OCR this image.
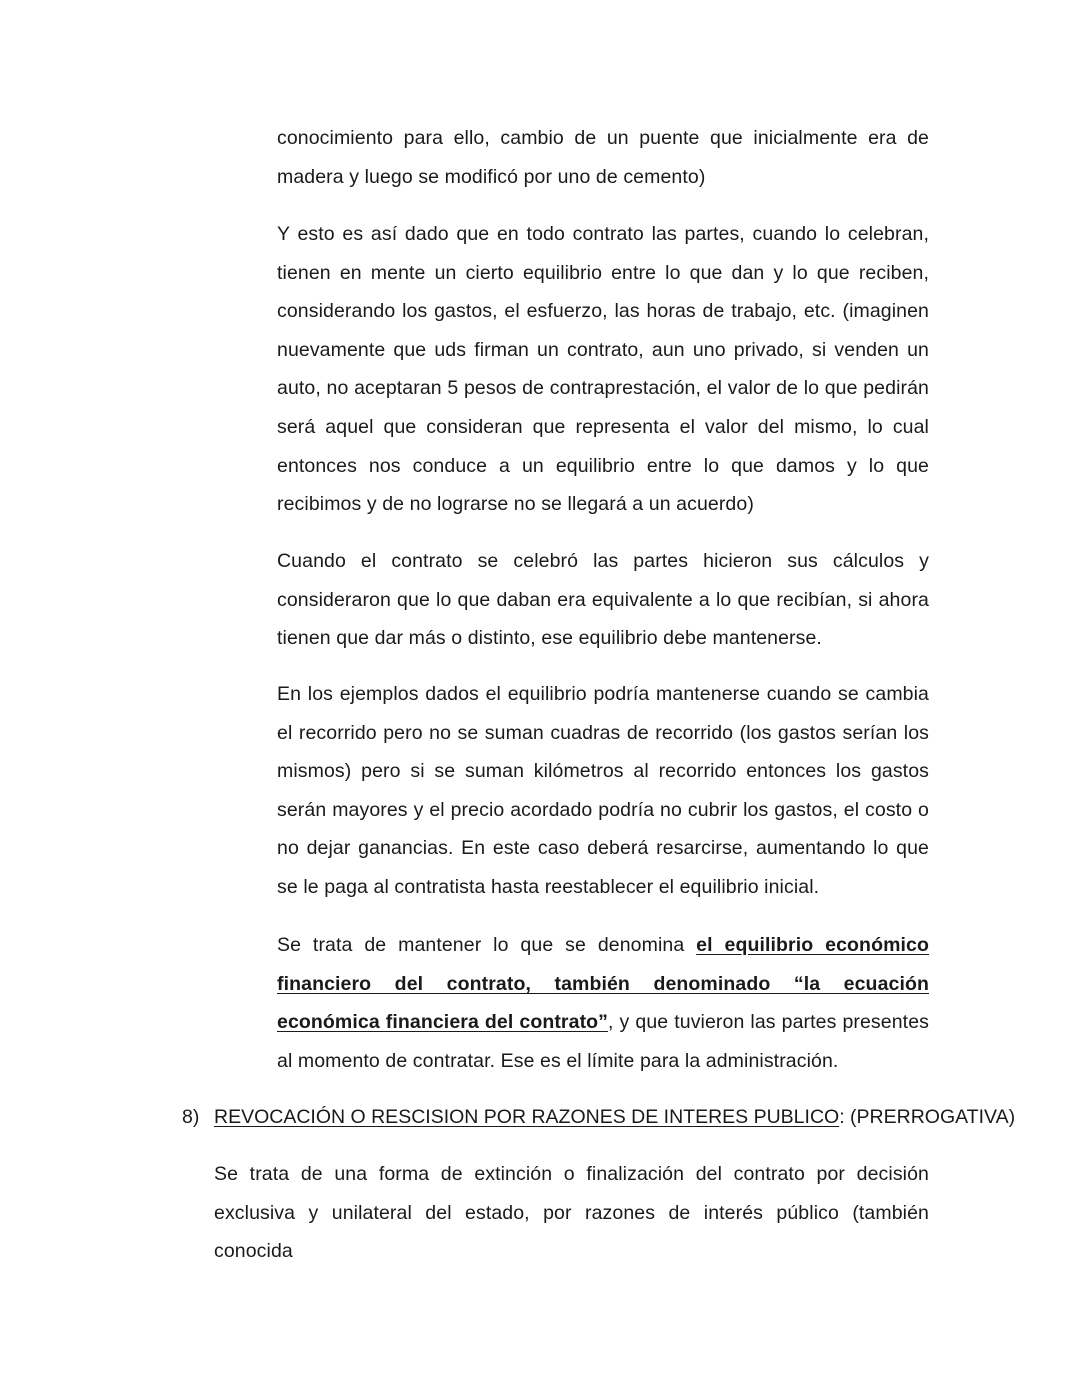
conocimiento para ello, cambio de un puente que inicialmente era de madera y luego se modificó por uno de cemento)

Y esto es así dado que en todo contrato las partes, cuando lo celebran, tienen en mente un cierto equilibrio entre lo que dan y lo que reciben, considerando los gastos, el esfuerzo, las horas de trabajo, etc. (imaginen nuevamente que uds firman un contrato, aun uno privado, si venden un auto, no aceptaran 5 pesos de contraprestación, el valor de lo que pedirán será aquel que consideran que representa el valor del mismo, lo cual entonces nos conduce a un equilibrio entre lo que damos y lo que recibimos y de no lograrse no se llegará a un acuerdo)

Cuando el contrato se celebró las partes hicieron sus cálculos y consideraron que lo que daban era equivalente a lo que recibían, si ahora tienen que dar más o distinto, ese equilibrio debe mantenerse.

En los ejemplos dados el equilibrio podría mantenerse cuando se cambia el recorrido pero no se suman cuadras de recorrido (los gastos serían los mismos) pero si se suman kilómetros al recorrido entonces los gastos serán mayores y el precio acordado podría no cubrir los gastos, el costo o no dejar ganancias. En este caso deberá resarcirse, aumentando lo que se le paga al contratista hasta reestablecer el equilibrio inicial.

Se trata de mantener lo que se denomina el equilibrio económico financiero del contrato, también denominado “la ecuación económica financiera del contrato”, y que tuvieron las partes presentes al momento de contratar. Ese es el límite para la administración.

8) REVOCACIÓN O RESCISION POR RAZONES DE INTERES PUBLICO: (PRERROGATIVA)

Se trata de una forma de extinción o finalización del contrato por decisión exclusiva y unilateral del estado, por razones de interés público (también conocida
